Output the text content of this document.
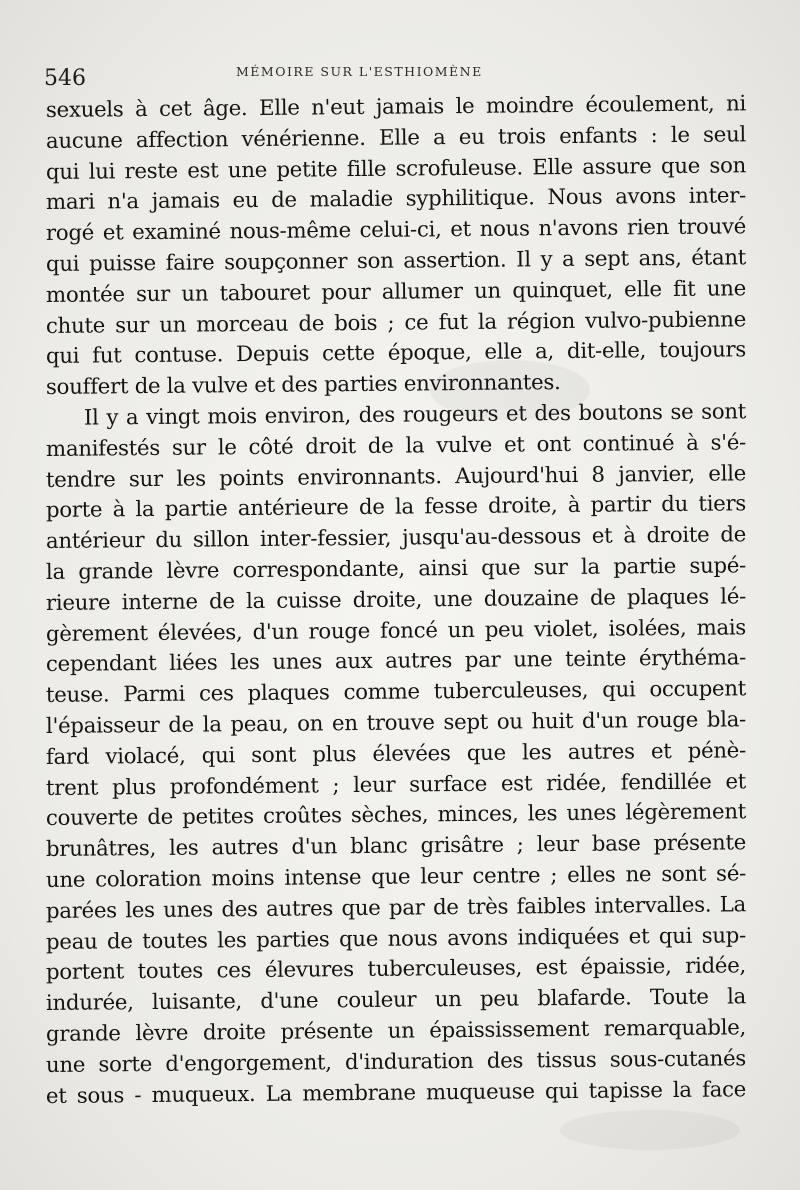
546	MÉMOIRE SUR L'ESTHIOMÈNE
sexuels à cet âge. Elle n'eut jamais le moindre écoulement, ni
aucune affection vénérienne. Elle a eu trois enfants : le seul
qui lui reste est une petite fille scrofuleuse. Elle assure que son
mari n'a jamais eu de maladie syphilitique. Nous avons inter-
rogé et examiné nous-même celui-ci, et nous n'avons rien trouvé
qui puisse faire soupçonner son assertion. Il y a sept ans, étant
montée sur un tabouret pour allumer un quinquet, elle fit une
chute sur un morceau de bois ; ce fut la région vulvo-pubienne
qui fut contuse. Depuis cette époque, elle a, dit-elle, toujours
souffert de la vulve et des parties environnantes.
Il y a vingt mois environ, des rougeurs et des boutons se sont
manifestés sur le côté droit de la vulve et ont continué à s'é-
tendre sur les points environnants. Aujourd'hui 8 janvier, elle
porte à la partie antérieure de la fesse droite, à partir du tiers
antérieur du sillon inter-fessier, jusqu'au-dessous et à droite de
la grande lèvre correspondante, ainsi que sur la partie supé-
rieure interne de la cuisse droite, une douzaine de plaques lé-
gèrement élevées, d'un rouge foncé un peu violet, isolées, mais
cependant liées les unes aux autres par une teinte érythéma-
teuse. Parmi ces plaques comme tuberculeuses, qui occupent
l'épaisseur de la peau, on en trouve sept ou huit d'un rouge bla-
fard violacé, qui sont plus élevées que les autres et pénè-
trent plus profondément ; leur surface est ridée, fendillée et
couverte de petites croûtes sèches, minces, les unes légèrement
brunâtres, les autres d'un blanc grisâtre ; leur base présente
une coloration moins intense que leur centre ; elles ne sont sé-
parées les unes des autres que par de très faibles intervalles. La
peau de toutes les parties que nous avons indiquées et qui sup-
portent toutes ces élevures tuberculeuses, est épaissie, ridée,
indurée, luisante, d'une couleur un peu blafarde. Toute la
grande lèvre droite présente un épaississement remarquable,
une sorte d'engorgement, d'induration des tissus sous-cutanés
et sous - muqueux. La membrane muqueuse qui tapisse la face
